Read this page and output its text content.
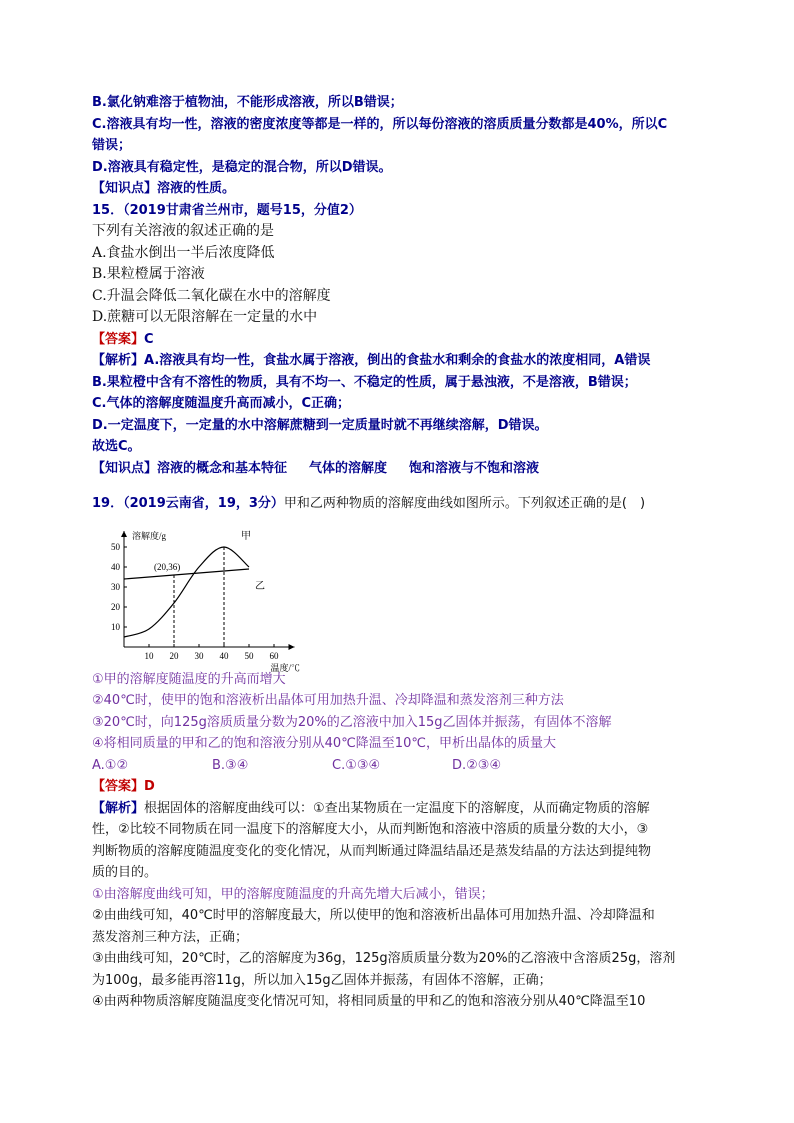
B.氯化钠难溶于植物油，不能形成溶液，所以B错误；
C.溶液具有均一性，溶液的密度浓度等都是一样的，所以每份溶液的溶质质量分数都是40%，所以C
错误；
D.溶液具有稳定性，是稳定的混合物，所以D错误。
【知识点】溶液的性质。
15．（2019甘肃省兰州市，题号15，分值2）
下列有关溶液的叙述正确的是
A.食盐水倒出一半后浓度降低
B.果粒橙属于溶液
C.升温会降低二氧化碳在水中的溶解度
D.蔗糖可以无限溶解在一定量的水中
【答案】C
【解析】A.溶液具有均一性，食盐水属于溶液，倒出的食盐水和剩余的食盐水的浓度相同，A错误
B.果粒橙中含有不溶性的物质，具有不均一、不稳定的性质，属于悬浊液，不是溶液，B错误；
C.气体的溶解度随温度升高而减小，C正确；
D.一定温度下，一定量的水中溶解蔗糖到一定质量时就不再继续溶解，D错误。
故选C。
【知识点】溶液的概念和基本特征 气体的溶解度 饱和溶液与不饱和溶液
19．（2019云南省，19，3分）甲和乙两种物质的溶解度曲线如图所示。下列叙述正确的是(　)
10 20 30 40 50 60
10
20
30
40
50
溶解度/g
温度/℃
甲
乙
(20,36)
①甲的溶解度随温度的升高而增大
②40℃时，使甲的饱和溶液析出晶体可用加热升温、冷却降温和蒸发溶剂三种方法
③20℃时，向125g溶质质量分数为20%的乙溶液中加入15g乙固体并振荡，有固体不溶解
④将相同质量的甲和乙的饱和溶液分别从40℃降温至10℃，甲析出晶体的质量大
A.①②	B.③④	C.①③④	D.②③④
【答案】D
【解析】根据固体的溶解度曲线可以：①查出某物质在一定温度下的溶解度，从而确定物质的溶解
性，②比较不同物质在同一温度下的溶解度大小，从而判断饱和溶液中溶质的质量分数的大小，③
判断物质的溶解度随温度变化的变化情况，从而判断通过降温结晶还是蒸发结晶的方法达到提纯物
质的目的。
①由溶解度曲线可知，甲的溶解度随温度的升高先增大后减小，错误；
②由曲线可知，40℃时甲的溶解度最大，所以使甲的饱和溶液析出晶体可用加热升温、冷却降温和
蒸发溶剂三种方法，正确；
③由曲线可知，20℃时，乙的溶解度为36g，125g溶质质量分数为20%的乙溶液中含溶质25g，溶剂
为100g，最多能再溶11g，所以加入15g乙固体并振荡，有固体不溶解，正确；
④由两种物质溶解度随温度变化情况可知，将相同质量的甲和乙的饱和溶液分别从40℃降温至10
